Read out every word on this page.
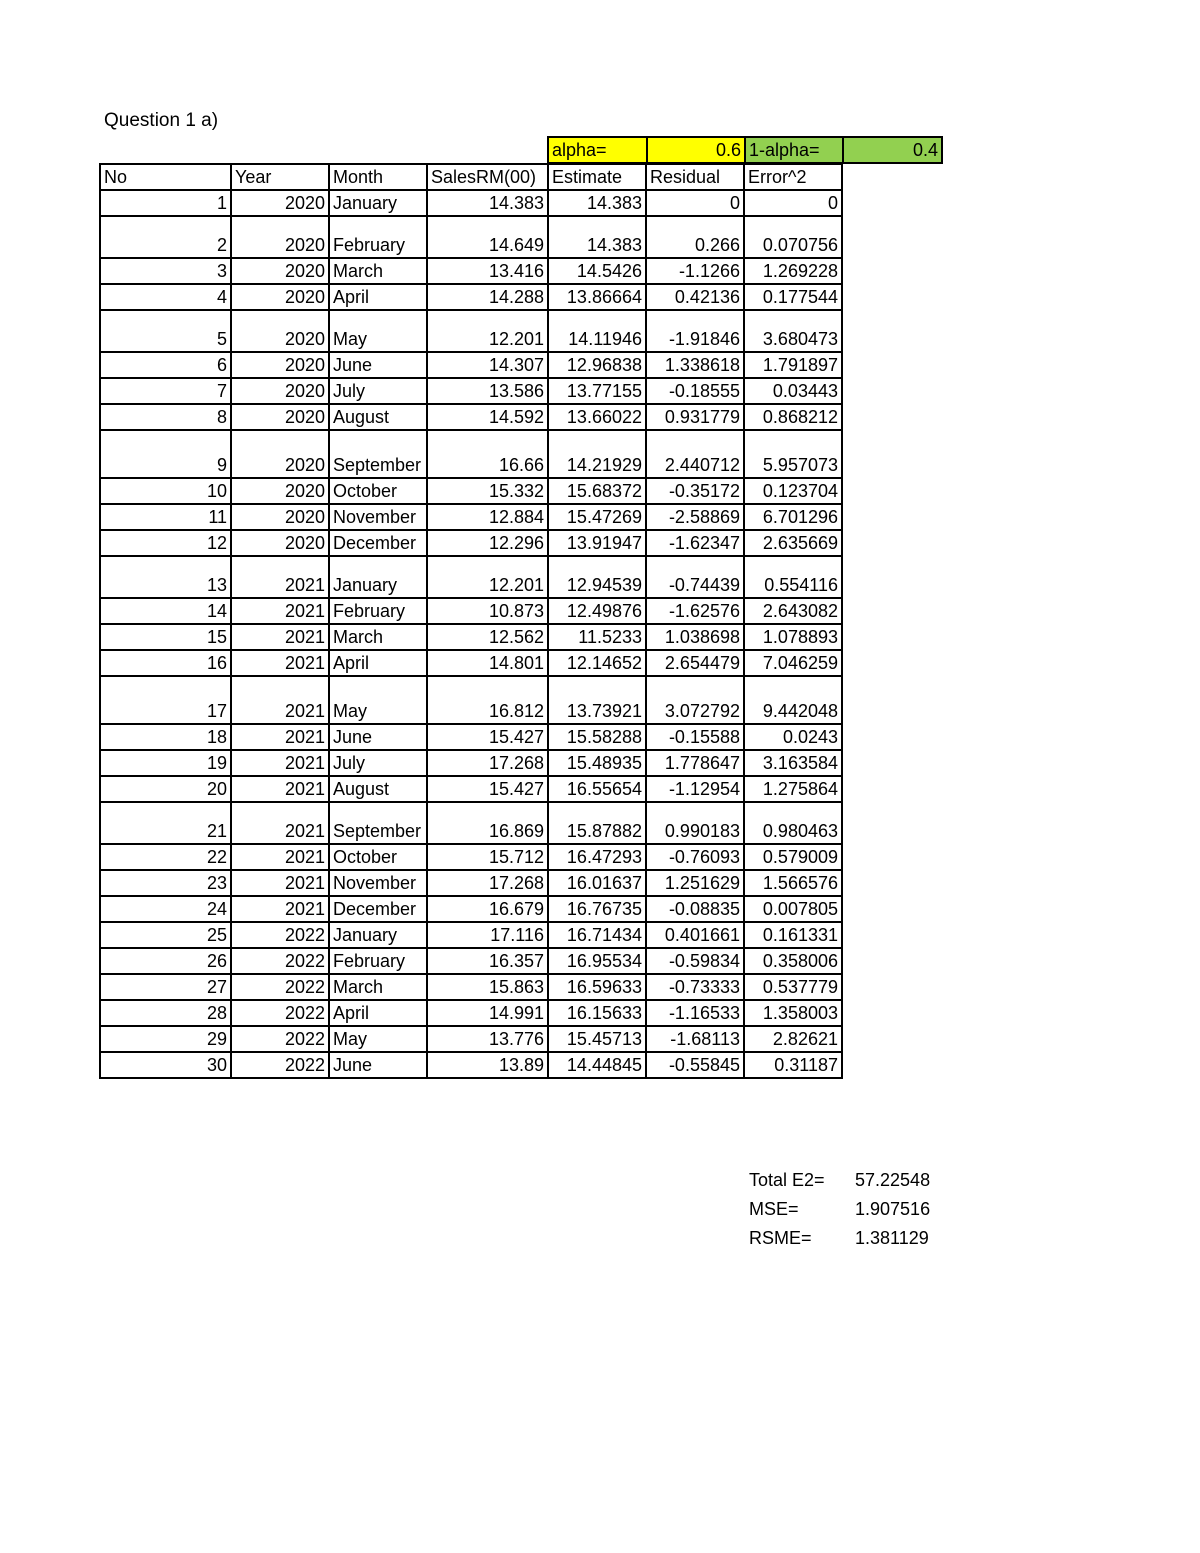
Question 1 a)
alpha=	0.6 1-alpha=	0.4
No	Year	Month	SalesRM(00)	Estimate	Residual	Error^2
1	2020	January	14.383	14.383	0	0
2	2020	February	14.649	14.383	0.266	0.070756
3	2020	March	13.416	14.5426	-1.1266	1.269228
4	2020	April	14.288	13.86664	0.42136	0.177544
5	2020	May	12.201	14.11946	-1.91846	3.680473
6	2020	June	14.307	12.96838	1.338618	1.791897
7	2020	July	13.586	13.77155	-0.18555	0.03443
8	2020	August	14.592	13.66022	0.931779	0.868212
9	2020	September	16.66	14.21929	2.440712	5.957073
10	2020	October	15.332	15.68372	-0.35172	0.123704
11	2020	November	12.884	15.47269	-2.58869	6.701296
12	2020	December	12.296	13.91947	-1.62347	2.635669
13	2021	January	12.201	12.94539	-0.74439	0.554116
14	2021	February	10.873	12.49876	-1.62576	2.643082
15	2021	March	12.562	11.5233	1.038698	1.078893
16	2021	April	14.801	12.14652	2.654479	7.046259
17	2021	May	16.812	13.73921	3.072792	9.442048
18	2021	June	15.427	15.58288	-0.15588	0.0243
19	2021	July	17.268	15.48935	1.778647	3.163584
20	2021	August	15.427	16.55654	-1.12954	1.275864
21	2021	September	16.869	15.87882	0.990183	0.980463
22	2021	October	15.712	16.47293	-0.76093	0.579009
23	2021	November	17.268	16.01637	1.251629	1.566576
24	2021	December	16.679	16.76735	-0.08835	0.007805
25	2022	January	17.116	16.71434	0.401661	0.161331
26	2022	February	16.357	16.95534	-0.59834	0.358006
27	2022	March	15.863	16.59633	-0.73333	0.537779
28	2022	April	14.991	16.15633	-1.16533	1.358003
29	2022	May	13.776	15.45713	-1.68113	2.82621
30	2022	June	13.89	14.44845	-0.55845	0.31187
Total E2= 57.22548
MSE=	1.907516
RSME= 1.381129
